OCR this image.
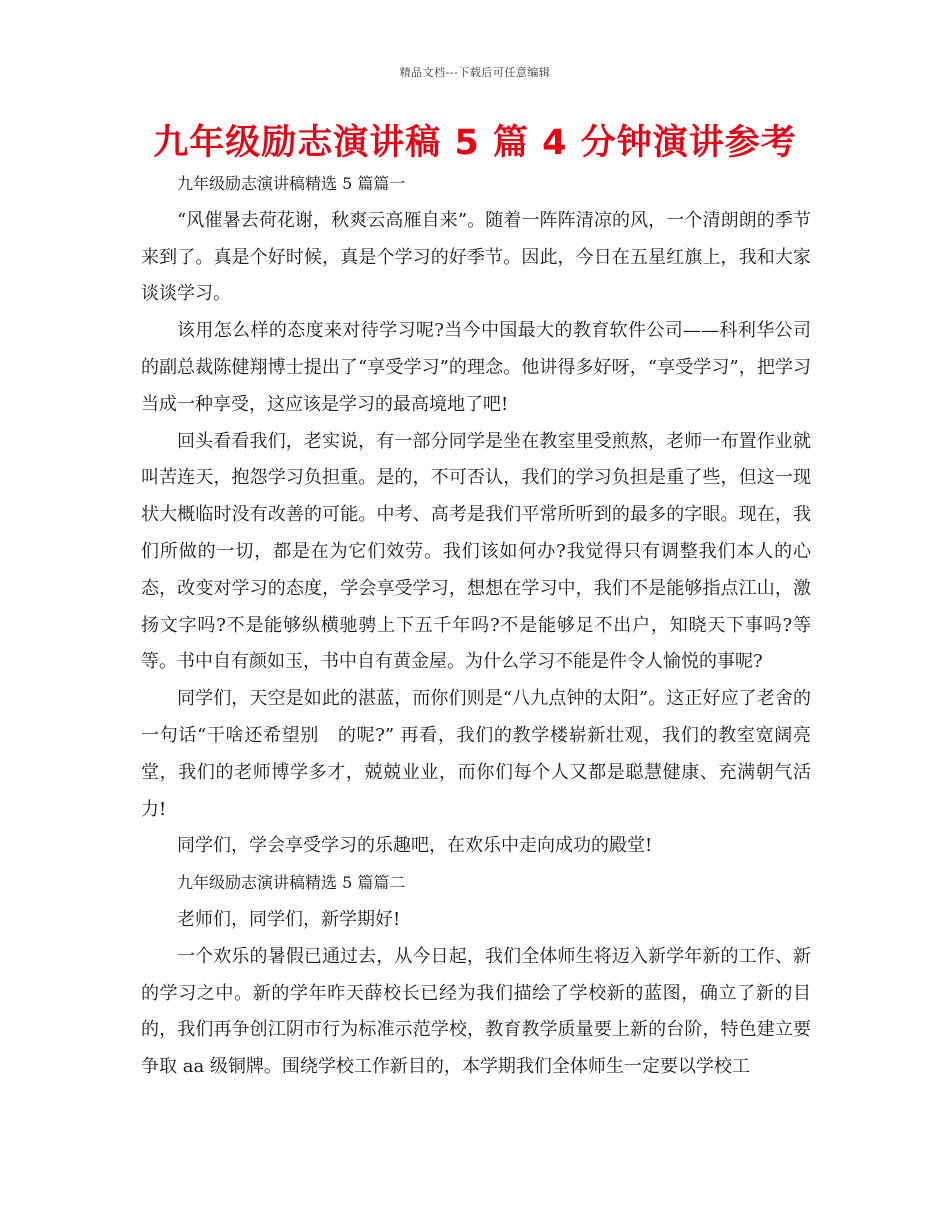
精品文档---下载后可任意编辑
九年级励志演讲稿 5 篇 4 分钟演讲参考

九年级励志演讲稿精选 5 篇篇一

“风催暑去荷花谢，秋爽云高雁自来”。随着一阵阵清凉的风，一个清朗朗的季节来到了。真是个好时候，真是个学习的好季节。因此，今日在五星红旗上，我和大家谈谈学习。

该用怎么样的态度来对待学习呢?当今中国最大的教育软件公司——科利华公司的副总裁陈健翔博士提出了“享受学习”的理念。他讲得多好呀，“享受学习”，把学习当成一种享受，这应该是学习的最高境地了吧!

回头看看我们，老实说，有一部分同学是坐在教室里受煎熬，老师一布置作业就叫苦连天，抱怨学习负担重。是的，不可否认，我们的学习负担是重了些，但这一现状大概临时没有改善的可能。中考、高考是我们平常所听到的最多的字眼。现在，我们所做的一切，都是在为它们效劳。我们该如何办?我觉得只有调整我们本人的心态，改变对学习的态度，学会享受学习，想想在学习中，我们不是能够指点江山，激扬文字吗?不是能够纵横驰骋上下五千年吗?不是能够足不出户，知晓天下事吗?等等。书中自有颜如玉，书中自有黄金屋。为什么学习不能是件令人愉悦的事呢?

同学们，天空是如此的湛蓝，而你们则是“八九点钟的太阳”。这正好应了老舍的一句话“干啥还希望别　的呢?” 再看，我们的教学楼崭新壮观，我们的教室宽阔亮堂，我们的老师博学多才，兢兢业业，而你们每个人又都是聪慧健康、充满朝气活力!

同学们，学会享受学习的乐趣吧，在欢乐中走向成功的殿堂!

九年级励志演讲稿精选 5 篇篇二

老师们，同学们，新学期好!

一个欢乐的暑假已通过去，从今日起，我们全体师生将迈入新学年新的工作、新的学习之中。新的学年昨天薛校长已经为我们描绘了学校新的蓝图，确立了新的目的，我们再争创江阴市行为标准示范学校，教育教学质量要上新的台阶，特色建立要争取 aa 级铜牌。围绕学校工作新目的，本学期我们全体师生一定要以学校工
